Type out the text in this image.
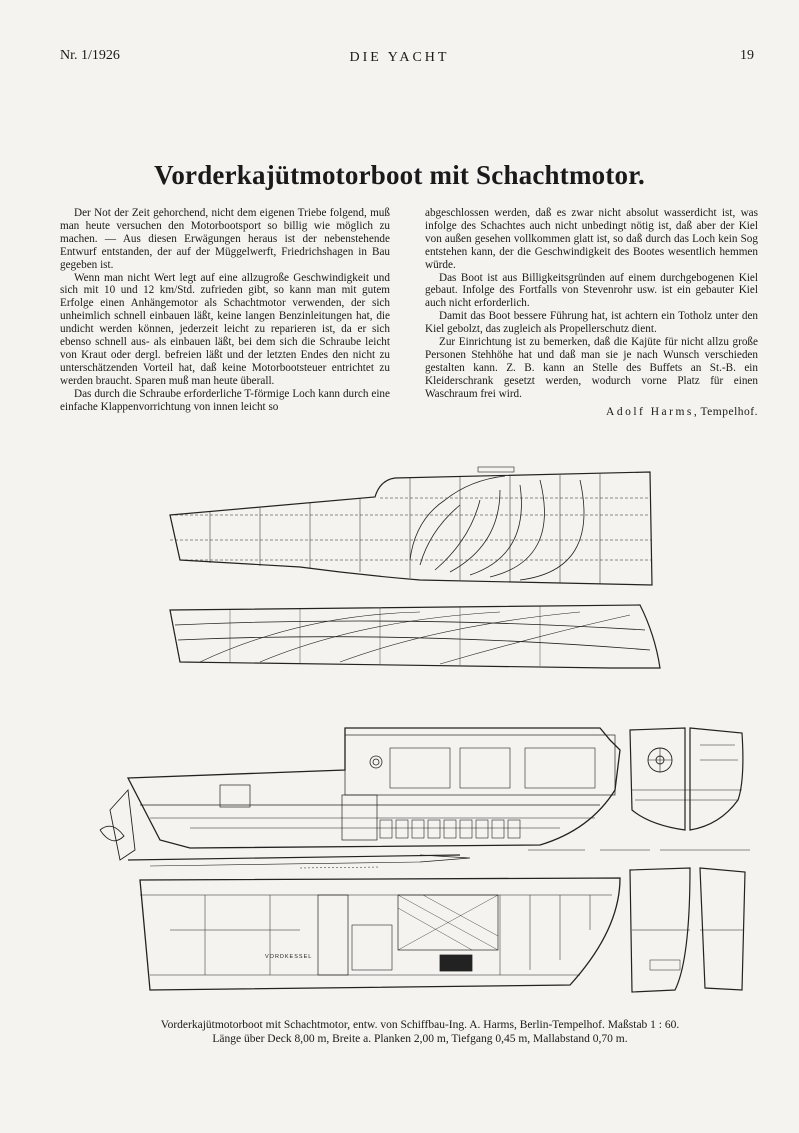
Nr. 1/1926	DIE YACHT	19
Vorderkajütmotorboot mit Schachtmotor.

Der Not der Zeit gehorchend, nicht dem eigenen Triebe folgend, muß man heute versuchen den Motorbootsport so billig wie möglich zu machen. — Aus diesen Erwägungen heraus ist der nebenstehende Entwurf entstanden, der auf der Müggelwerft, Friedrichshagen in Bau gegeben ist.

Wenn man nicht Wert legt auf eine allzugroße Geschwindigkeit und sich mit 10 und 12 km/Std. zufrieden gibt, so kann man mit gutem Erfolge einen Anhängemotor als Schachtmotor verwenden, der sich unheimlich schnell einbauen läßt, keine langen Benzinleitungen hat, die undicht werden können, jederzeit leicht zu reparieren ist, da er sich ebenso schnell aus- als einbauen läßt, bei dem sich die Schraube leicht von Kraut oder dergl. befreien läßt und der letzten Endes den nicht zu unterschätzenden Vorteil hat, daß keine Motorbootsteuer entrichtet zu werden braucht. Sparen muß man heute überall.

Das durch die Schraube erforderliche T-förmige Loch kann durch eine einfache Klappenvorrichtung von innen leicht so

abgeschlossen werden, daß es zwar nicht absolut wasserdicht ist, was infolge des Schachtes auch nicht unbedingt nötig ist, daß aber der Kiel von außen gesehen vollkommen glatt ist, so daß durch das Loch kein Sog entstehen kann, der die Geschwindigkeit des Bootes wesentlich hemmen würde.

Das Boot ist aus Billigkeitsgründen auf einem durchgebogenen Kiel gebaut. Infolge des Fortfalls von Stevenrohr usw. ist ein gebauter Kiel auch nicht erforderlich.

Damit das Boot bessere Führung hat, ist achtern ein Totholz unter den Kiel gebolzt, das zugleich als Propellerschutz dient.

Zur Einrichtung ist zu bemerken, daß die Kajüte für nicht allzu große Personen Stehhöhe hat und daß man sie je nach Wunsch verschieden gestalten kann. Z. B. kann an Stelle des Buffets an St.-B. ein Kleiderschrank gesetzt werden, wodurch vorne Platz für einen Waschraum frei wird.

Adolf Harms, Tempelhof.
VORDKESSEL
Vorderkajütmotorboot mit Schachtmotor, entw. von Schiffbau-Ing. A. Harms, Berlin-Tempelhof. Maßstab 1 : 60.
Länge über Deck 8,00 m, Breite a. Planken 2,00 m, Tiefgang 0,45 m, Mallabstand 0,70 m.
